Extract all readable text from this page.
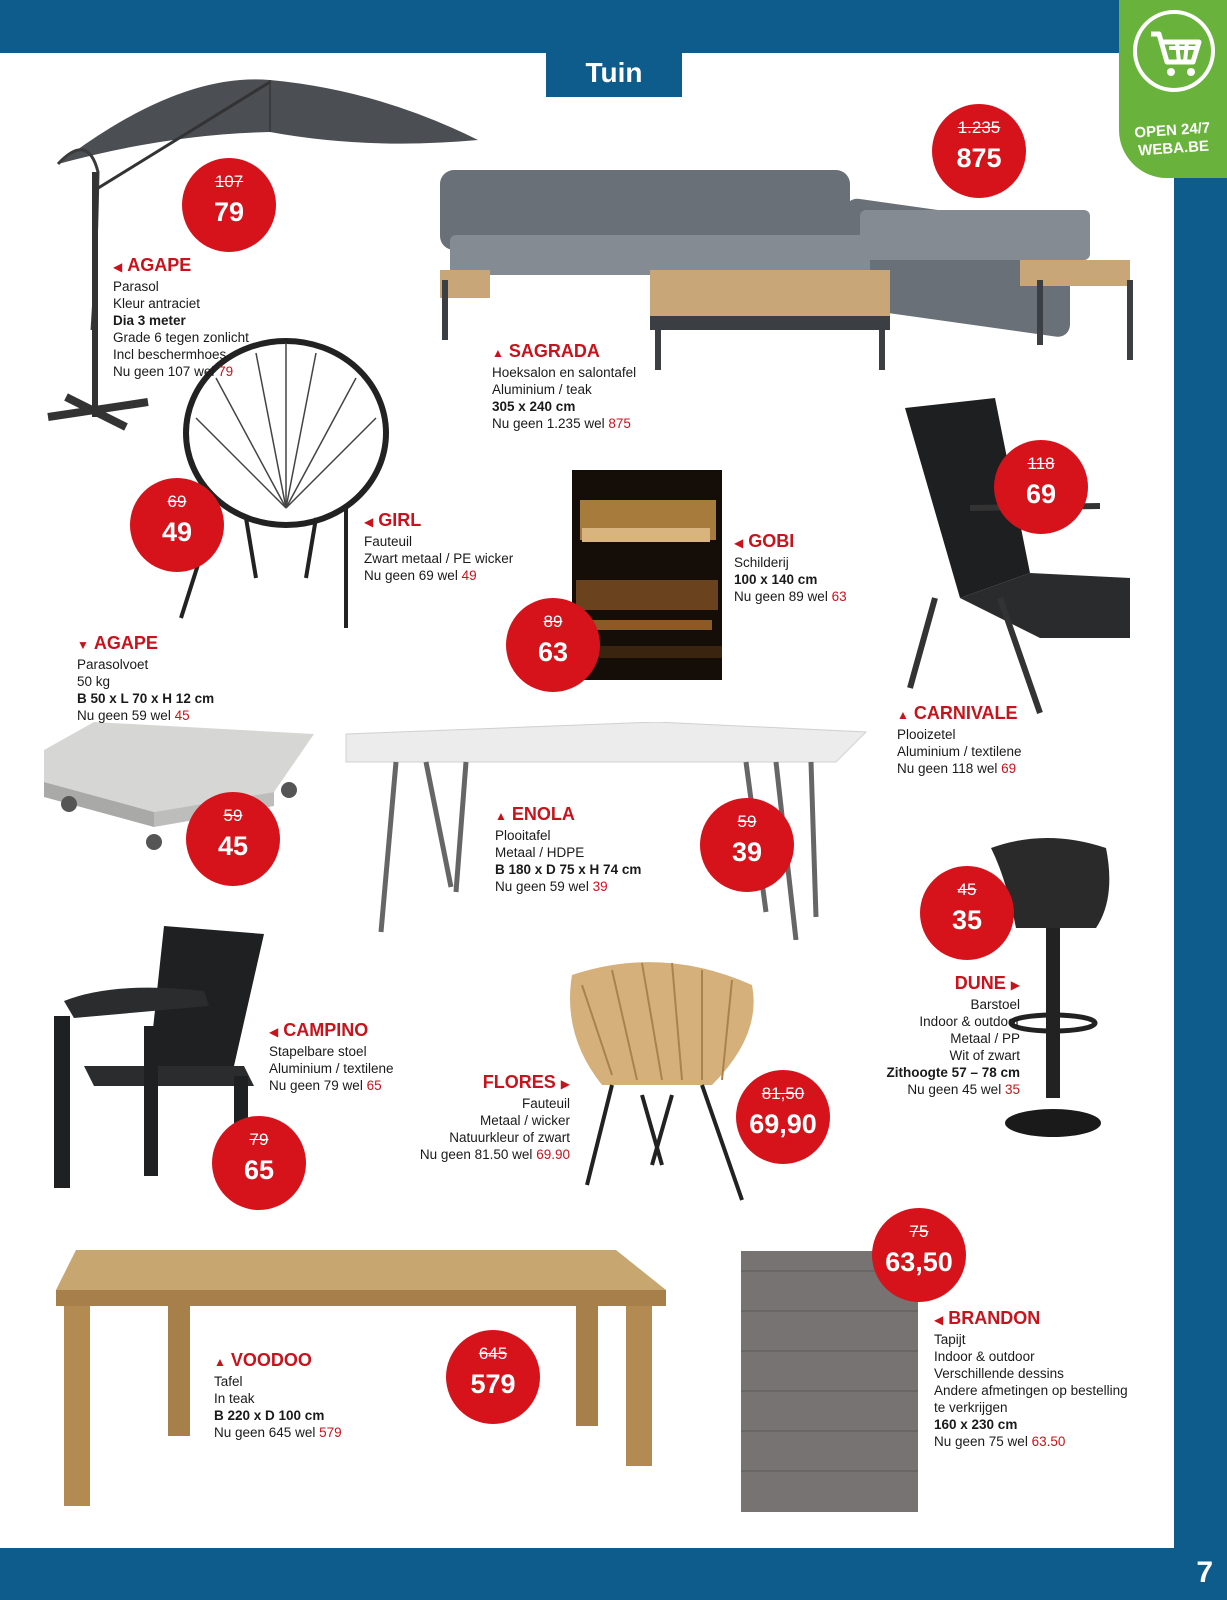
7
Tuin
OPEN 24/7
WEBA.BE
107
79
1.235
875
69
49
89
63
118
69
59
45
59
39
45
35
79
65
81,50
69,90
645
579
75
63,50
◀ AGAPE
Parasol
Kleur antraciet
Dia 3 meter
Grade 6 tegen zonlicht
Incl beschermhoes
Nu geen 107 wel 79
▲ SAGRADA
Hoeksalon en salontafel
Aluminium / teak
305 x 240 cm
Nu geen 1.235 wel 875
◀ GIRL
Fauteuil
Zwart metaal / PE wicker
Nu geen 69 wel 49
◀ GOBI
Schilderij
100 x 140 cm
Nu geen 89 wel 63
▲ CARNIVALE
Plooizetel
Aluminium / textilene
Nu geen 118 wel 69
▼ AGAPE
Parasolvoet
50 kg
B 50 x L 70 x H 12 cm
Nu geen 59 wel 45
▲ ENOLA
Plooitafel
Metaal / HDPE
B 180 x D 75 x H 74 cm
Nu geen 59 wel 39
DUNE ▶
Barstoel
Indoor & outdoor
Metaal / PP
Wit of zwart
Zithoogte 57 – 78 cm
Nu geen 45 wel 35
◀ CAMPINO
Stapelbare stoel
Aluminium / textilene
Nu geen 79 wel 65	FLORES ▶
Fauteuil
Metaal / wicker
Natuurkleur of zwart
Nu geen 81.50 wel 69.90
▲ VOODOO
Tafel
In teak
B 220 x D 100 cm
Nu geen 645 wel 579
◀ BRANDON
Tapijt
Indoor & outdoor
Verschillende dessins
Andere afmetingen op bestelling
te verkrijgen
160 x 230 cm
Nu geen 75 wel 63.50
